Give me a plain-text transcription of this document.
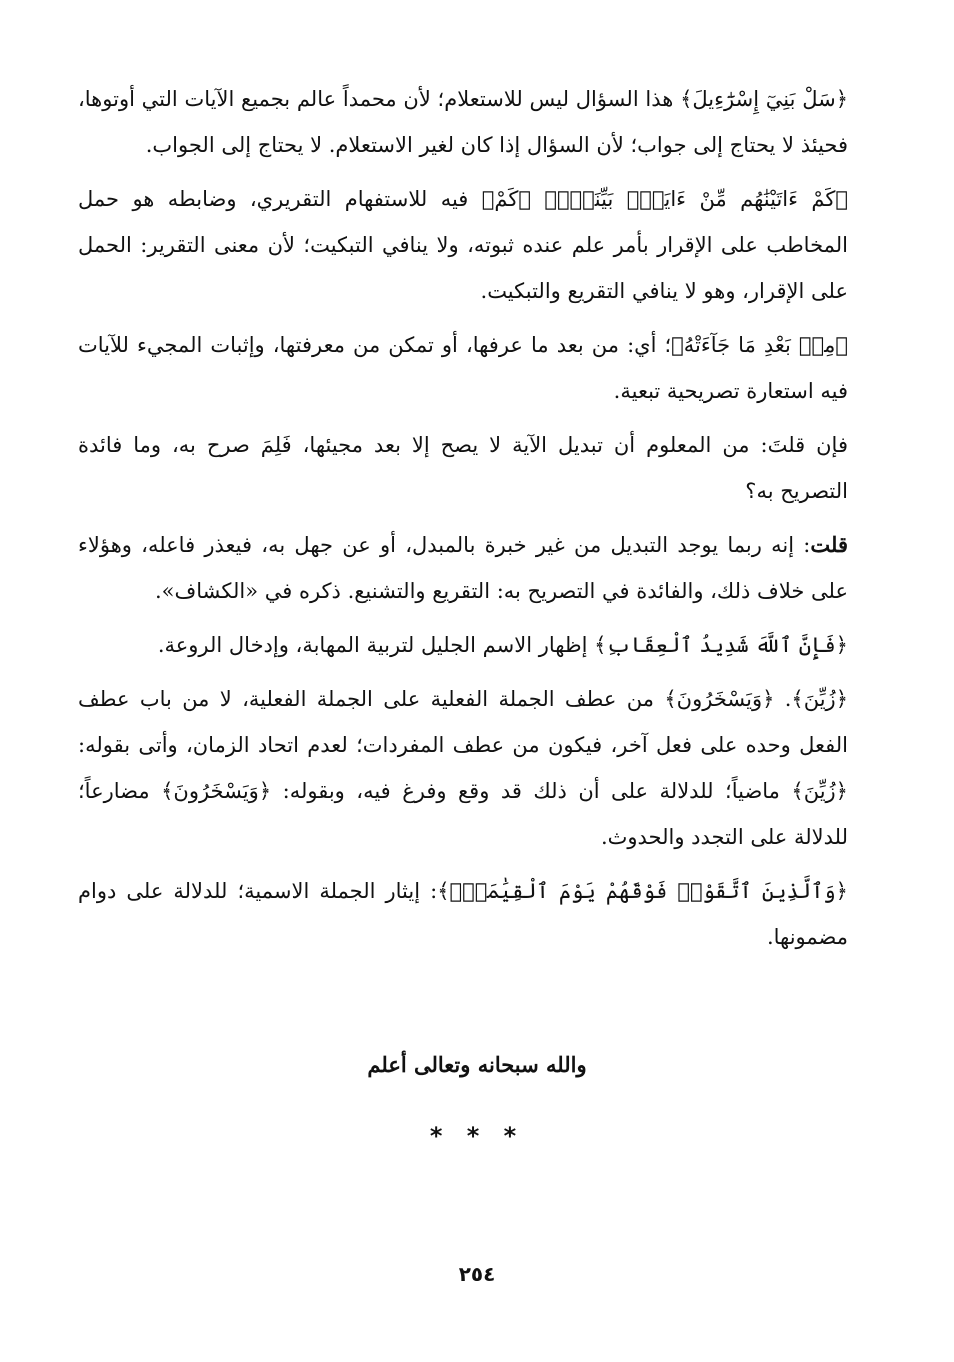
﴿سَلْ بَنِيٓ إِسْرَٰٓءِيلَ﴾ هذا السؤال ليس للاستعلام؛ لأن محمداً عالم بجميع الآيات التي أوتوها، فحيئذ لا يحتاج إلى جواب؛ لأن السؤال إذا كان لغير الاستعلام. لا يحتاج إلى الجواب.

﴿كَمْ ءَاتَيْنَٰهُم مِّنْ ءَايَةٍۭ بَيِّنَةٍۗ﴾ ﴿كَمْ﴾ فيه للاستفهام التقريري، وضابطه هو حمل المخاطب على الإقرار بأمر علم عنده ثبوته، ولا ينافي التبكيت؛ لأن معنى التقرير: الحمل على الإقرار، وهو لا ينافي التقريع والتبكيت.

﴿مِنۢ بَعْدِ مَا جَآءَتْهُ﴾؛ أي: من بعد ما عرفها، أو تمكن من معرفتها، وإثبات المجيء للآيات فيه استعارة تصريحية تبعية.

فإن قلتَ: من المعلوم أن تبديل الآية لا يصح إلا بعد مجيئها، فَلِمَ صرح به، وما فائدة التصريح به؟

قلت: إنه ربما يوجد التبديل من غير خبرة بالمبدل، أو عن جهل به، فيعذر فاعله، وهؤلاء على خلاف ذلك، والفائدة في التصريح به: التقريع والتشنيع. ذكره في «الكشاف».

﴿فَإِنَّ ٱللَّهَ شَدِيدُ ٱلْعِقَابِ﴾ إظهار الاسم الجليل لتربية المهابة، وإدخال الروعة.

﴿زُيِّنَ﴾. ﴿وَيَسْخَرُونَ﴾ من عطف الجملة الفعلية على الجملة الفعلية، لا من باب عطف الفعل وحده على فعل آخر، فيكون من عطف المفردات؛ لعدم اتحاد الزمان، وأتى بقوله: ﴿زُيِّنَ﴾ ماضياً؛ للدلالة على أن ذلك قد وقع وفرغ فيه، وبقوله: ﴿وَيَسْخَرُونَ﴾ مضارعاً؛ للدلالة على التجدد والحدوث.

﴿وَٱلَّذِينَ ٱتَّقَوْا۟ فَوْقَهُمْ يَوْمَ ٱلْقِيَٰمَةِۗ﴾: إيثار الجملة الاسمية؛ للدلالة على دوام مضمونها.

والله سبحانه وتعالى أعلم
* * *
٢٥٤
